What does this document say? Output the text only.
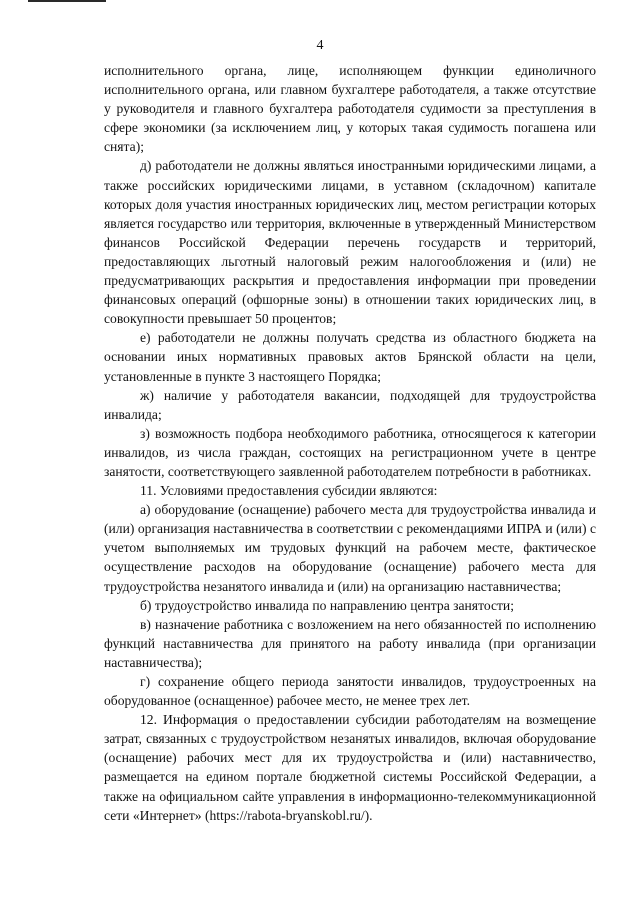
4

исполнительного органа, лице, исполняющем функции единоличного исполнительного органа, или главном бухгалтере работодателя, а также отсутствие у руководителя и главного бухгалтера работодателя судимости за преступления в сфере экономики (за исключением лиц, у которых такая судимость погашена или снята);

д) работодатели не должны являться иностранными юридическими лицами, а также российских юридическими лицами, в уставном (складочном) капитале которых доля участия иностранных юридических лиц, местом регистрации которых является государство или территория, включенные в утвержденный Министерством финансов Российской Федерации перечень государств и территорий, предоставляющих льготный налоговый режим налогообложения и (или) не предусматривающих раскрытия и предоставления информации при проведении финансовых операций (офшорные зоны) в отношении таких юридических лиц, в совокупности превышает 50 процентов;

е) работодатели не должны получать средства из областного бюджета на основании иных нормативных правовых актов Брянской области на цели, установленные в пункте 3 настоящего Порядка;

ж) наличие у работодателя вакансии, подходящей для трудоустройства инвалида;

з) возможность подбора необходимого работника, относящегося к категории инвалидов, из числа граждан, состоящих на регистрационном учете в центре занятости, соответствующего заявленной работодателем потребности в работниках.

11. Условиями предоставления субсидии являются:

а) оборудование (оснащение) рабочего места для трудоустройства инвалида и (или) организация наставничества в соответствии с рекомендациями ИПРА и (или) с учетом выполняемых им трудовых функций на рабочем месте, фактическое осуществление расходов на оборудование (оснащение) рабочего места для трудоустройства незанятого инвалида и (или) на организацию наставничества;

б) трудоустройство инвалида по направлению центра занятости;

в) назначение работника с возложением на него обязанностей по исполнению функций наставничества для принятого на работу инвалида (при организации наставничества);

г) сохранение общего периода занятости инвалидов, трудоустроенных на оборудованное (оснащенное) рабочее место, не менее трех лет.

12. Информация о предоставлении субсидии работодателям на возмещение затрат, связанных с трудоустройством незанятых инвалидов, включая оборудование (оснащение) рабочих мест для их трудоустройства и (или) наставничество, размещается на едином портале бюджетной системы Российской Федерации, а также на официальном сайте управления в информационно-телекоммуникационной сети «Интернет» (https://rabota-bryanskobl.ru/).
